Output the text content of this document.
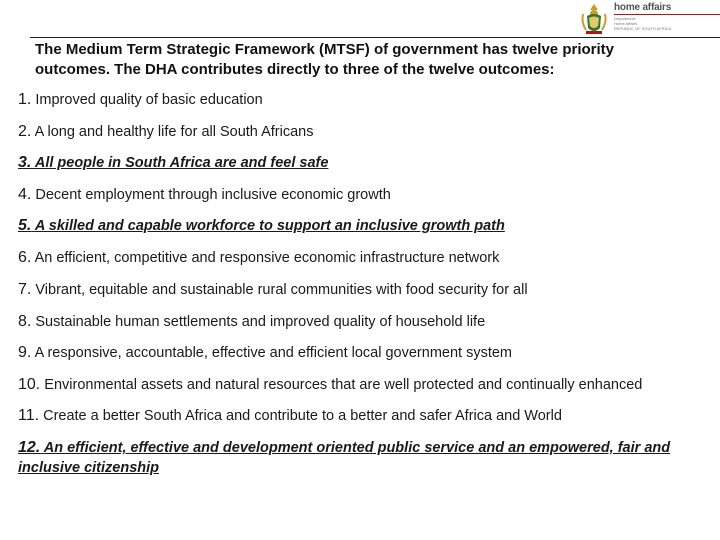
home affairs
Department:
Home Affairs
REPUBLIC OF SOUTH AFRICA
The Medium Term Strategic Framework (MTSF) of government has twelve priority outcomes. The DHA contributes directly to three of the twelve outcomes:
1. Improved quality of basic education
2. A long and healthy life for all South Africans
3. All people in South Africa are and feel safe
4. Decent employment through inclusive economic growth
5. A skilled and capable workforce to support an inclusive growth path
6. An efficient, competitive and responsive economic infrastructure network
7. Vibrant, equitable and sustainable rural communities with food security for all
8. Sustainable human settlements and improved quality of household life
9. A responsive, accountable, effective and efficient local government system
10. Environmental assets and natural resources that are well protected and continually enhanced
11. Create a better South Africa and contribute to a better and safer Africa and World
12. An efficient, effective and development oriented public service and an empowered, fair and inclusive citizenship
